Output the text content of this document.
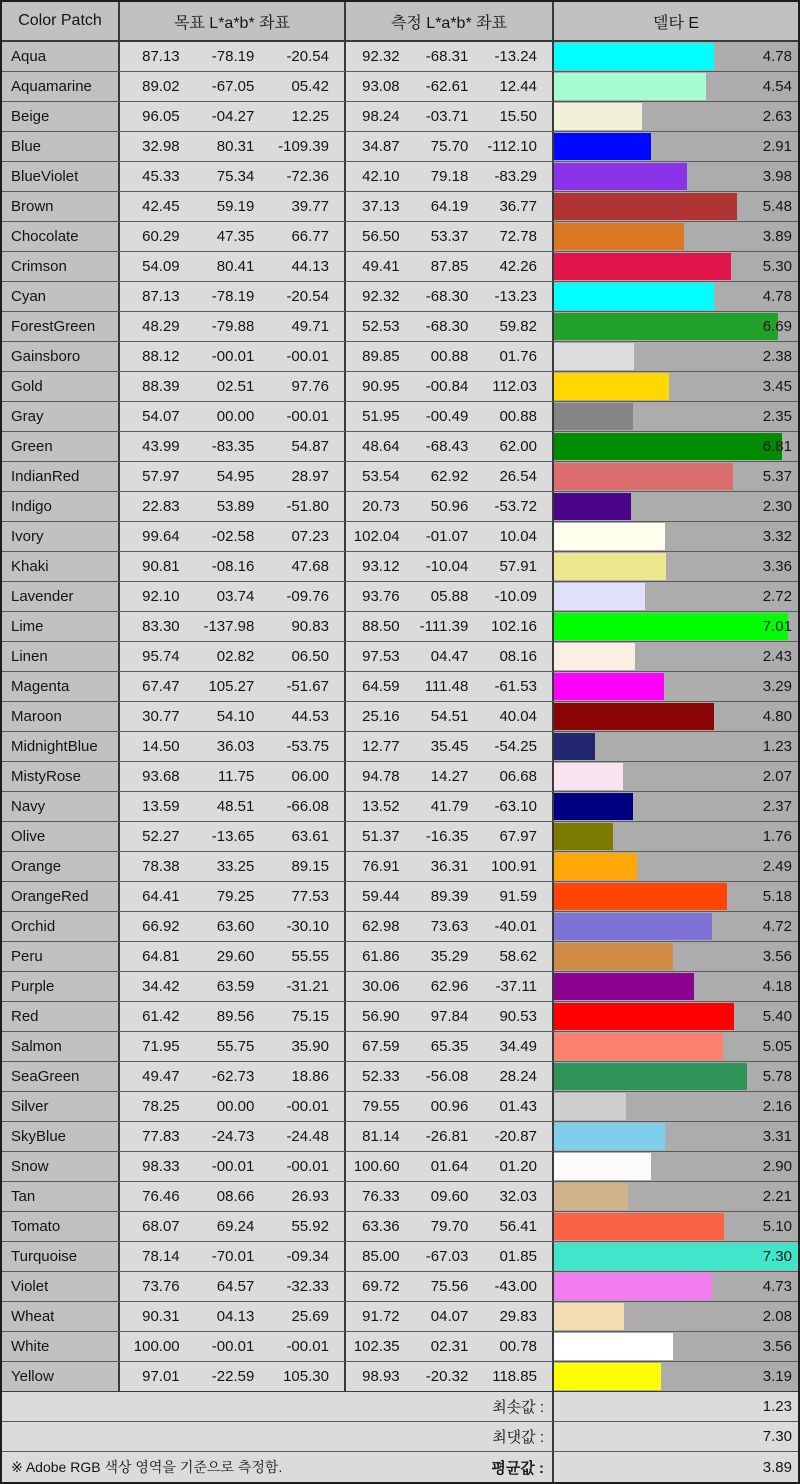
Color Patch	목표 L*a*b* 좌표	측정 L*a*b* 좌표	델타 E
Aqua	87.13	-78.19	-20.54	92.32	-68.31	-13.24	4.78
Aquamarine	89.02	-67.05	05.42	93.08	-62.61	12.44	4.54
Beige	96.05	-04.27	12.25	98.24	-03.71	15.50	2.63
Blue	32.98	80.31	-109.39	34.87	75.70	-112.10	2.91
BlueViolet	45.33	75.34	-72.36	42.10	79.18	-83.29	3.98
Brown	42.45	59.19	39.77	37.13	64.19	36.77	5.48
Chocolate	60.29	47.35	66.77	56.50	53.37	72.78	3.89
Crimson	54.09	80.41	44.13	49.41	87.85	42.26	5.30
Cyan	87.13	-78.19	-20.54	92.32	-68.30	-13.23	4.78
ForestGreen	48.29	-79.88	49.71	52.53	-68.30	59.82	6.69
Gainsboro	88.12	-00.01	-00.01	89.85	00.88	01.76	2.38
Gold	88.39	02.51	97.76	90.95	-00.84	112.03	3.45
Gray	54.07	00.00	-00.01	51.95	-00.49	00.88	2.35
Green	43.99	-83.35	54.87	48.64	-68.43	62.00	6.81
IndianRed	57.97	54.95	28.97	53.54	62.92	26.54	5.37
Indigo	22.83	53.89	-51.80	20.73	50.96	-53.72	2.30
Ivory	99.64	-02.58	07.23	102.04	-01.07	10.04	3.32
Khaki	90.81	-08.16	47.68	93.12	-10.04	57.91	3.36
Lavender	92.10	03.74	-09.76	93.76	05.88	-10.09	2.72
Lime	83.30	-137.98	90.83	88.50	-111.39	102.16	7.01
Linen	95.74	02.82	06.50	97.53	04.47	08.16	2.43
Magenta	67.47	105.27	-51.67	64.59	111.48	-61.53	3.29
Maroon	30.77	54.10	44.53	25.16	54.51	40.04	4.80
MidnightBlue	14.50	36.03	-53.75	12.77	35.45	-54.25	1.23
MistyRose	93.68	11.75	06.00	94.78	14.27	06.68	2.07
Navy	13.59	48.51	-66.08	13.52	41.79	-63.10	2.37
Olive	52.27	-13.65	63.61	51.37	-16.35	67.97	1.76
Orange	78.38	33.25	89.15	76.91	36.31	100.91	2.49
OrangeRed	64.41	79.25	77.53	59.44	89.39	91.59	5.18
Orchid	66.92	63.60	-30.10	62.98	73.63	-40.01	4.72
Peru	64.81	29.60	55.55	61.86	35.29	58.62	3.56
Purple	34.42	63.59	-31.21	30.06	62.96	-37.11	4.18
Red	61.42	89.56	75.15	56.90	97.84	90.53	5.40
Salmon	71.95	55.75	35.90	67.59	65.35	34.49	5.05
SeaGreen	49.47	-62.73	18.86	52.33	-56.08	28.24	5.78
Silver	78.25	00.00	-00.01	79.55	00.96	01.43	2.16
SkyBlue	77.83	-24.73	-24.48	81.14	-26.81	-20.87	3.31
Snow	98.33	-00.01	-00.01	100.60	01.64	01.20	2.90
Tan	76.46	08.66	26.93	76.33	09.60	32.03	2.21
Tomato	68.07	69.24	55.92	63.36	79.70	56.41	5.10
Turquoise	78.14	-70.01	-09.34	85.00	-67.03	01.85	7.30
Violet	73.76	64.57	-32.33	69.72	75.56	-43.00	4.73
Wheat	90.31	04.13	25.69	91.72	04.07	29.83	2.08
White	100.00	-00.01	-00.01	102.35	02.31	00.78	3.56
Yellow	97.01	-22.59	105.30	98.93	-20.32	118.85	3.19
최솟값 :	1.23
최댓값 :	7.30
※ Adobe RGB 색상 영역을 기준으로 측정함.	평균값 :	3.89
